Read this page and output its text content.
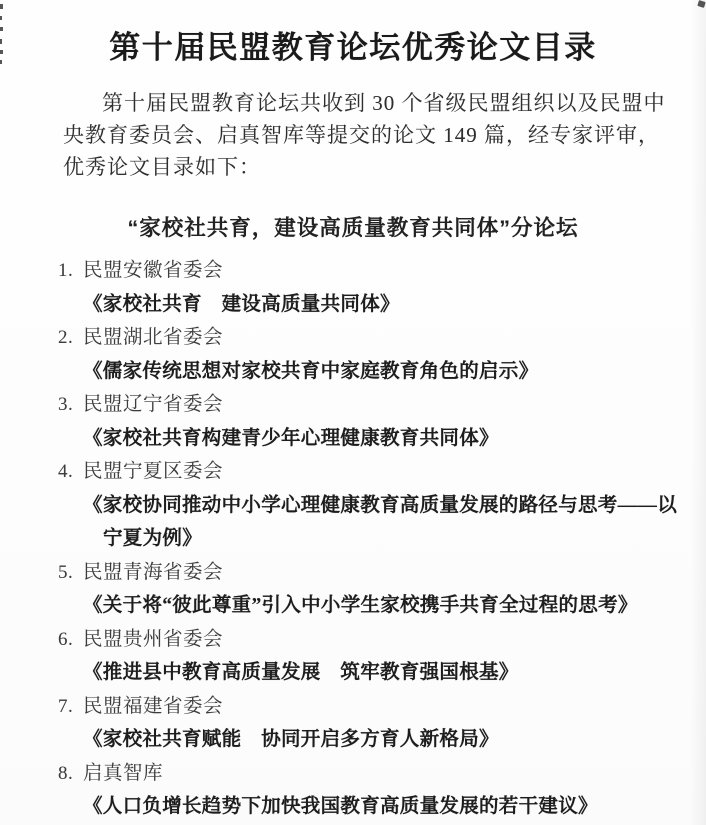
第十届民盟教育论坛优秀论文目录
第十届民盟教育论坛共收到 30 个省级民盟组织以及民盟中
央教育委员会、启真智库等提交的论文 149 篇，经专家评审，
优秀论文目录如下：
“家校社共育，建设高质量教育共同体”分论坛
1. 民盟安徽省委会
《家校社共育　建设高质量共同体》
2. 民盟湖北省委会
《儒家传统思想对家校共育中家庭教育角色的启示》
3. 民盟辽宁省委会
《家校社共育构建青少年心理健康教育共同体》
4. 民盟宁夏区委会
《家校协同推动中小学心理健康教育高质量发展的路径与思考——以
宁夏为例》
5. 民盟青海省委会
《关于将“彼此尊重”引入中小学生家校携手共育全过程的思考》
6. 民盟贵州省委会
《推进县中教育高质量发展　筑牢教育强国根基》
7. 民盟福建省委会
《家校社共育赋能　协同开启多方育人新格局》
8. 启真智库
《人口负增长趋势下加快我国教育高质量发展的若干建议》
